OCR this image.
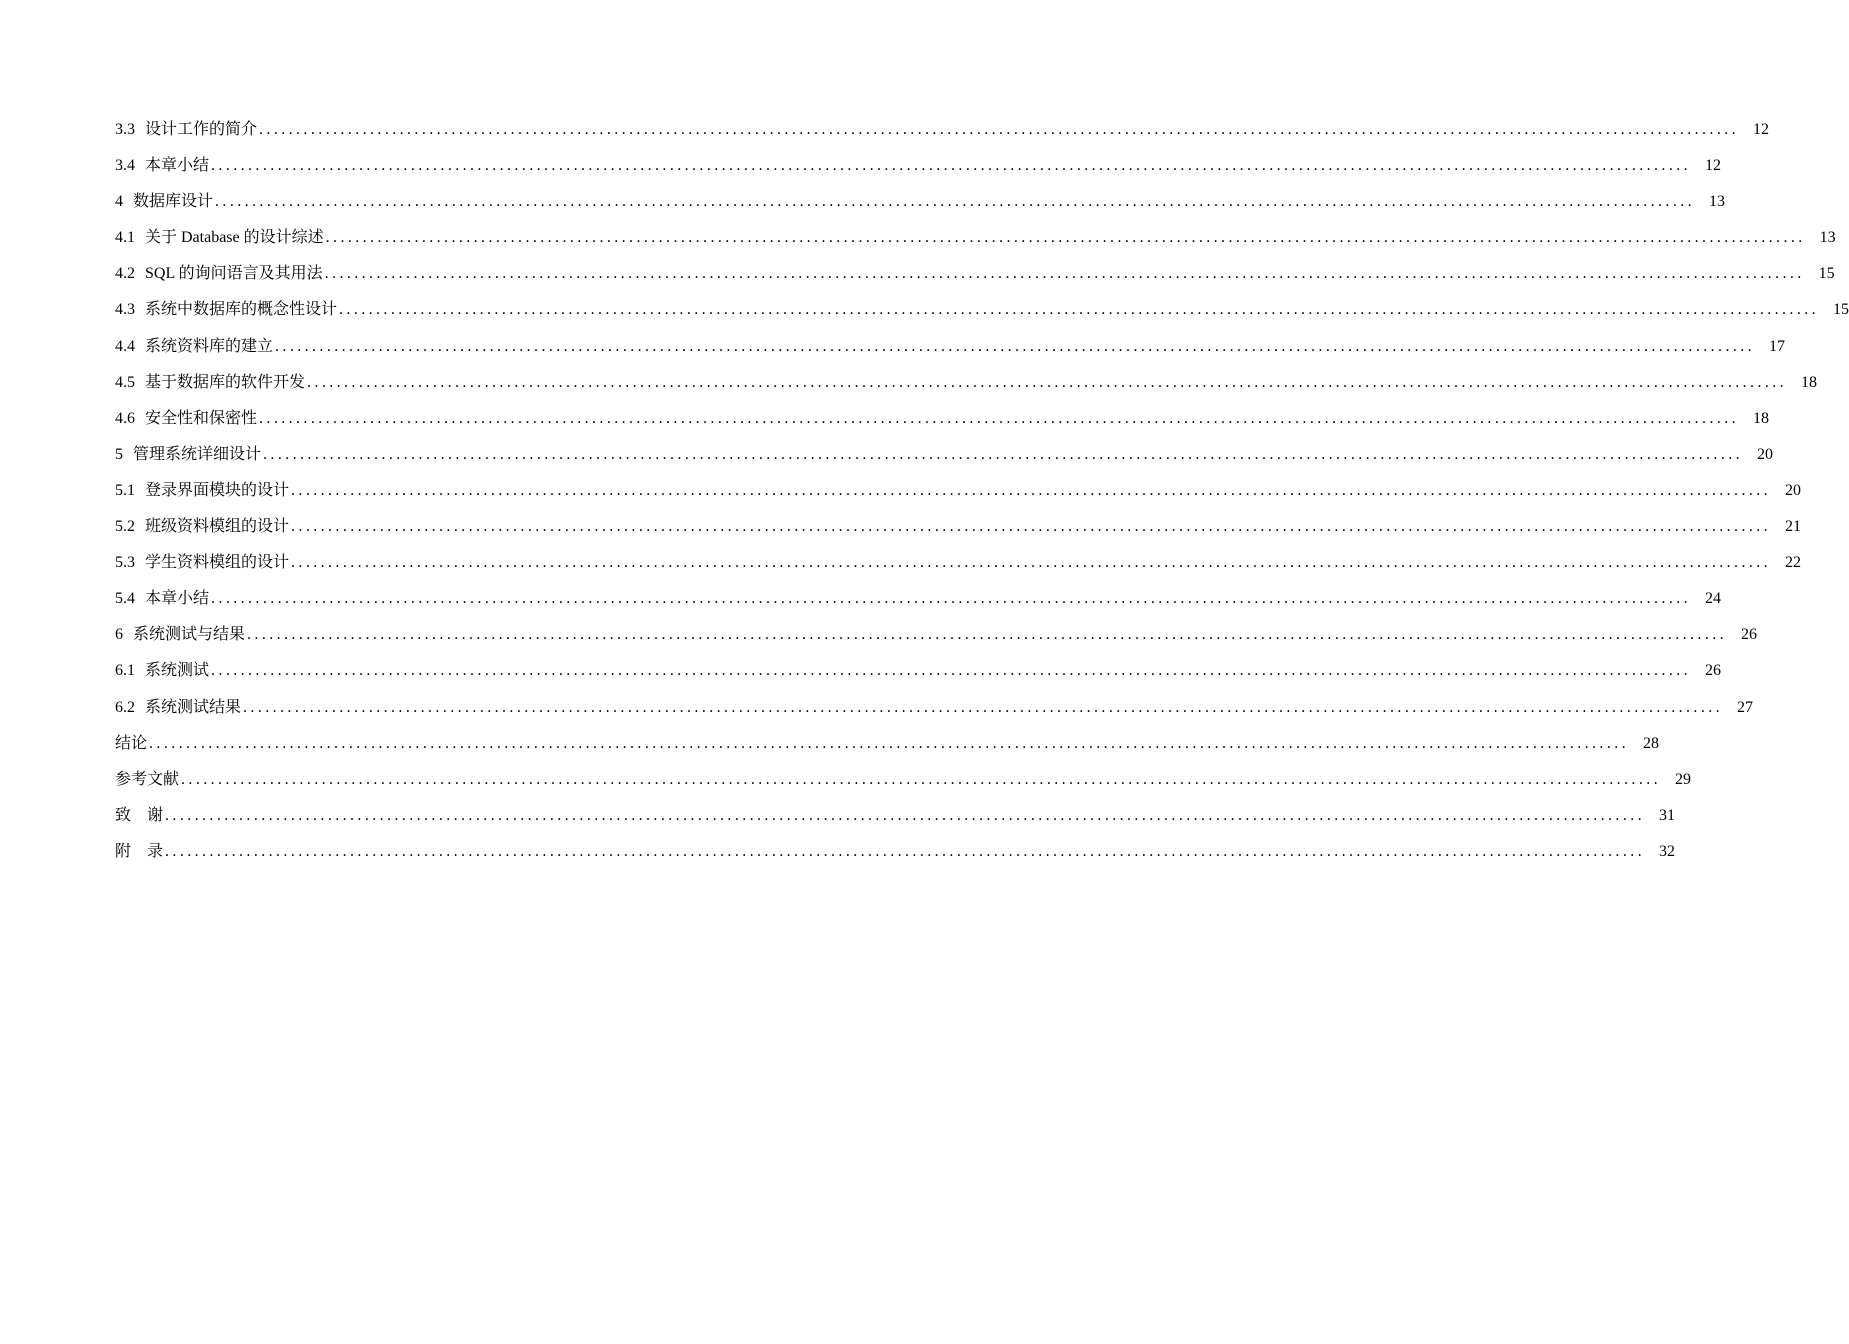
3.3 设计工作的简介 ........................................................................................................................................................................................................ 12
3.4 本章小结 ........................................................................................................................................................................................................ 12
4 数据库设计 ........................................................................................................................................................................................................ 13
4.1 关于 Database 的设计综述 ........................................................................................................................................................................................................ 13
4.2 SQL 的询问语言及其用法 ........................................................................................................................................................................................................ 15
4.3 系统中数据库的概念性设计 ........................................................................................................................................................................................................ 15
4.4 系统资料库的建立 ........................................................................................................................................................................................................ 17
4.5 基于数据库的软件开发 ........................................................................................................................................................................................................ 18
4.6 安全性和保密性 ........................................................................................................................................................................................................ 18
5 管理系统详细设计 ........................................................................................................................................................................................................ 20
5.1 登录界面模块的设计 ........................................................................................................................................................................................................ 20
5.2 班级资料模组的设计 ........................................................................................................................................................................................................ 21
5.3 学生资料模组的设计 ........................................................................................................................................................................................................ 22
5.4 本章小结 ........................................................................................................................................................................................................ 24
6 系统测试与结果 ........................................................................................................................................................................................................ 26
6.1 系统测试 ........................................................................................................................................................................................................ 26
6.2 系统测试结果 ........................................................................................................................................................................................................ 27
结论 ........................................................................................................................................................................................................ 28
参考文献 ........................................................................................................................................................................................................ 29
致　谢 ........................................................................................................................................................................................................ 31
附　录 ........................................................................................................................................................................................................ 32
